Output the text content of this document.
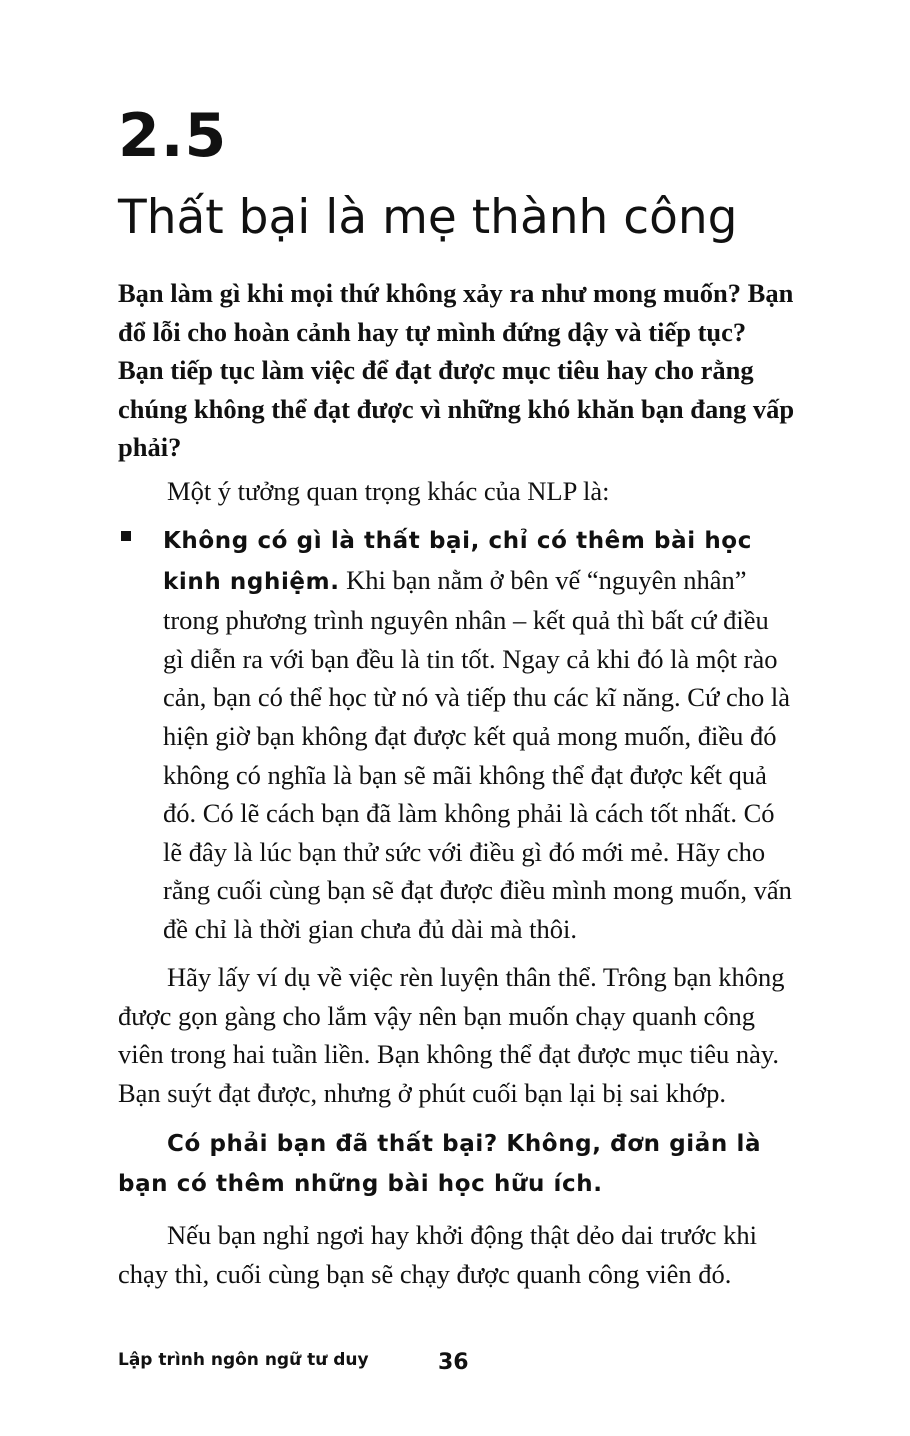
2.5
Thất bại là mẹ thành công
Bạn làm gì khi mọi thứ không xảy ra như mong muốn? Bạn đổ lỗi cho hoàn cảnh hay tự mình đứng dậy và tiếp tục? Bạn tiếp tục làm việc để đạt được mục tiêu hay cho rằng chúng không thể đạt được vì những khó khăn bạn đang vấp phải?
Một ý tưởng quan trọng khác của NLP là:
Không có gì là thất bại, chỉ có thêm bài học kinh nghiệm. Khi bạn nằm ở bên vế “nguyên nhân” trong phương trình nguyên nhân – kết quả thì bất cứ điều gì diễn ra với bạn đều là tin tốt. Ngay cả khi đó là một rào cản, bạn có thể học từ nó và tiếp thu các kĩ năng. Cứ cho là hiện giờ bạn không đạt được kết quả mong muốn, điều đó không có nghĩa là bạn sẽ mãi không thể đạt được kết quả đó. Có lẽ cách bạn đã làm không phải là cách tốt nhất. Có lẽ đây là lúc bạn thử sức với điều gì đó mới mẻ. Hãy cho rằng cuối cùng bạn sẽ đạt được điều mình mong muốn, vấn đề chỉ là thời gian chưa đủ dài mà thôi.
Hãy lấy ví dụ về việc rèn luyện thân thể. Trông bạn không được gọn gàng cho lắm vậy nên bạn muốn chạy quanh công viên trong hai tuần liền. Bạn không thể đạt được mục tiêu này. Bạn suýt đạt được, nhưng ở phút cuối bạn lại bị sai khớp.
Có phải bạn đã thất bại? Không, đơn giản là bạn có thêm những bài học hữu ích.
Nếu bạn nghỉ ngơi hay khởi động thật dẻo dai trước khi chạy thì, cuối cùng bạn sẽ chạy được quanh công viên đó.
Lập trình ngôn ngữ tư duy	36
